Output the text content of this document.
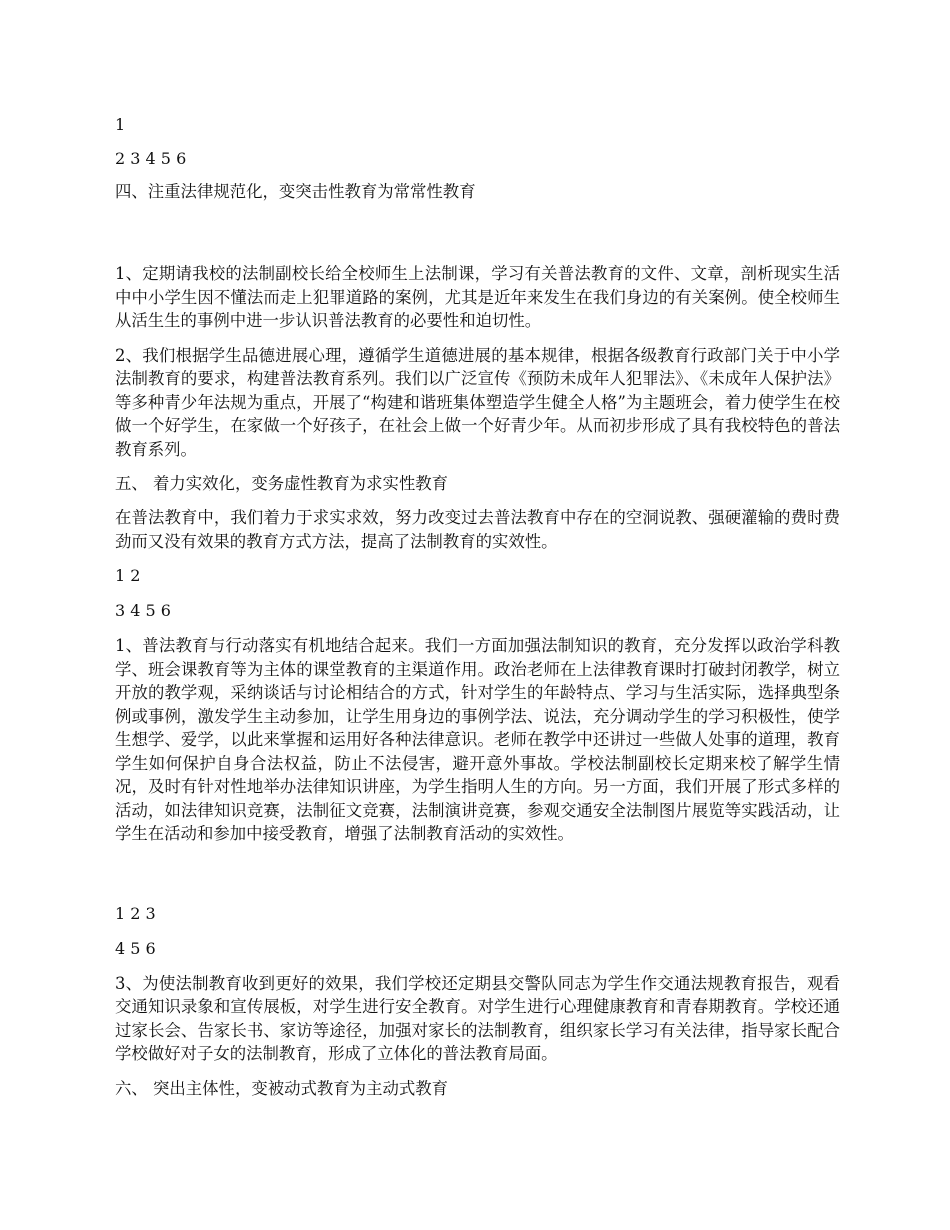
1

2 3 4 5 6

四、注重法律规范化，变突击性教育为常常性教育

1、定期请我校的法制副校长给全校师生上法制课，学习有关普法教育的文件、文章，剖析现实生活中中小学生因不懂法而走上犯罪道路的案例，尤其是近年来发生在我们身边的有关案例。使全校师生从活生生的事例中进一步认识普法教育的必要性和迫切性。

2、我们根据学生品德进展心理，遵循学生道德进展的基本规律，根据各级教育行政部门关于中小学法制教育的要求，构建普法教育系列。我们以广泛宣传《预防未成年人犯罪法》、《未成年人保护法》等多种青少年法规为重点，开展了“构建和谐班集体塑造学生健全人格”为主题班会，着力使学生在校做一个好学生，在家做一个好孩子，在社会上做一个好青少年。从而初步形成了具有我校特色的普法教育系列。

五、 着力实效化，变务虚性教育为求实性教育

在普法教育中，我们着力于求实求效，努力改变过去普法教育中存在的空洞说教、强硬灌输的费时费劲而又没有效果的教育方式方法，提高了法制教育的实效性。

1 2

3 4 5 6

1、普法教育与行动落实有机地结合起来。我们一方面加强法制知识的教育，充分发挥以政治学科教学、班会课教育等为主体的课堂教育的主渠道作用。政治老师在上法律教育课时打破封闭教学，树立开放的教学观，采纳谈话与讨论相结合的方式，针对学生的年龄特点、学习与生活实际，选择典型条例或事例，激发学生主动参加，让学生用身边的事例学法、说法，充分调动学生的学习积极性，使学生想学、爱学，以此来掌握和运用好各种法律意识。老师在教学中还讲过一些做人处事的道理，教育学生如何保护自身合法权益，防止不法侵害，避开意外事故。学校法制副校长定期来校了解学生情况，及时有针对性地举办法律知识讲座，为学生指明人生的方向。另一方面，我们开展了形式多样的活动，如法律知识竞赛，法制征文竞赛，法制演讲竞赛，参观交通安全法制图片展览等实践活动，让学生在活动和参加中接受教育，增强了法制教育活动的实效性。

1 2 3

4 5 6

3、为使法制教育收到更好的效果，我们学校还定期县交警队同志为学生作交通法规教育报告，观看交通知识录象和宣传展板，对学生进行安全教育。对学生进行心理健康教育和青春期教育。学校还通过家长会、告家长书、家访等途径，加强对家长的法制教育，组织家长学习有关法律，指导家长配合学校做好对子女的法制教育，形成了立体化的普法教育局面。

六、 突出主体性，变被动式教育为主动式教育
